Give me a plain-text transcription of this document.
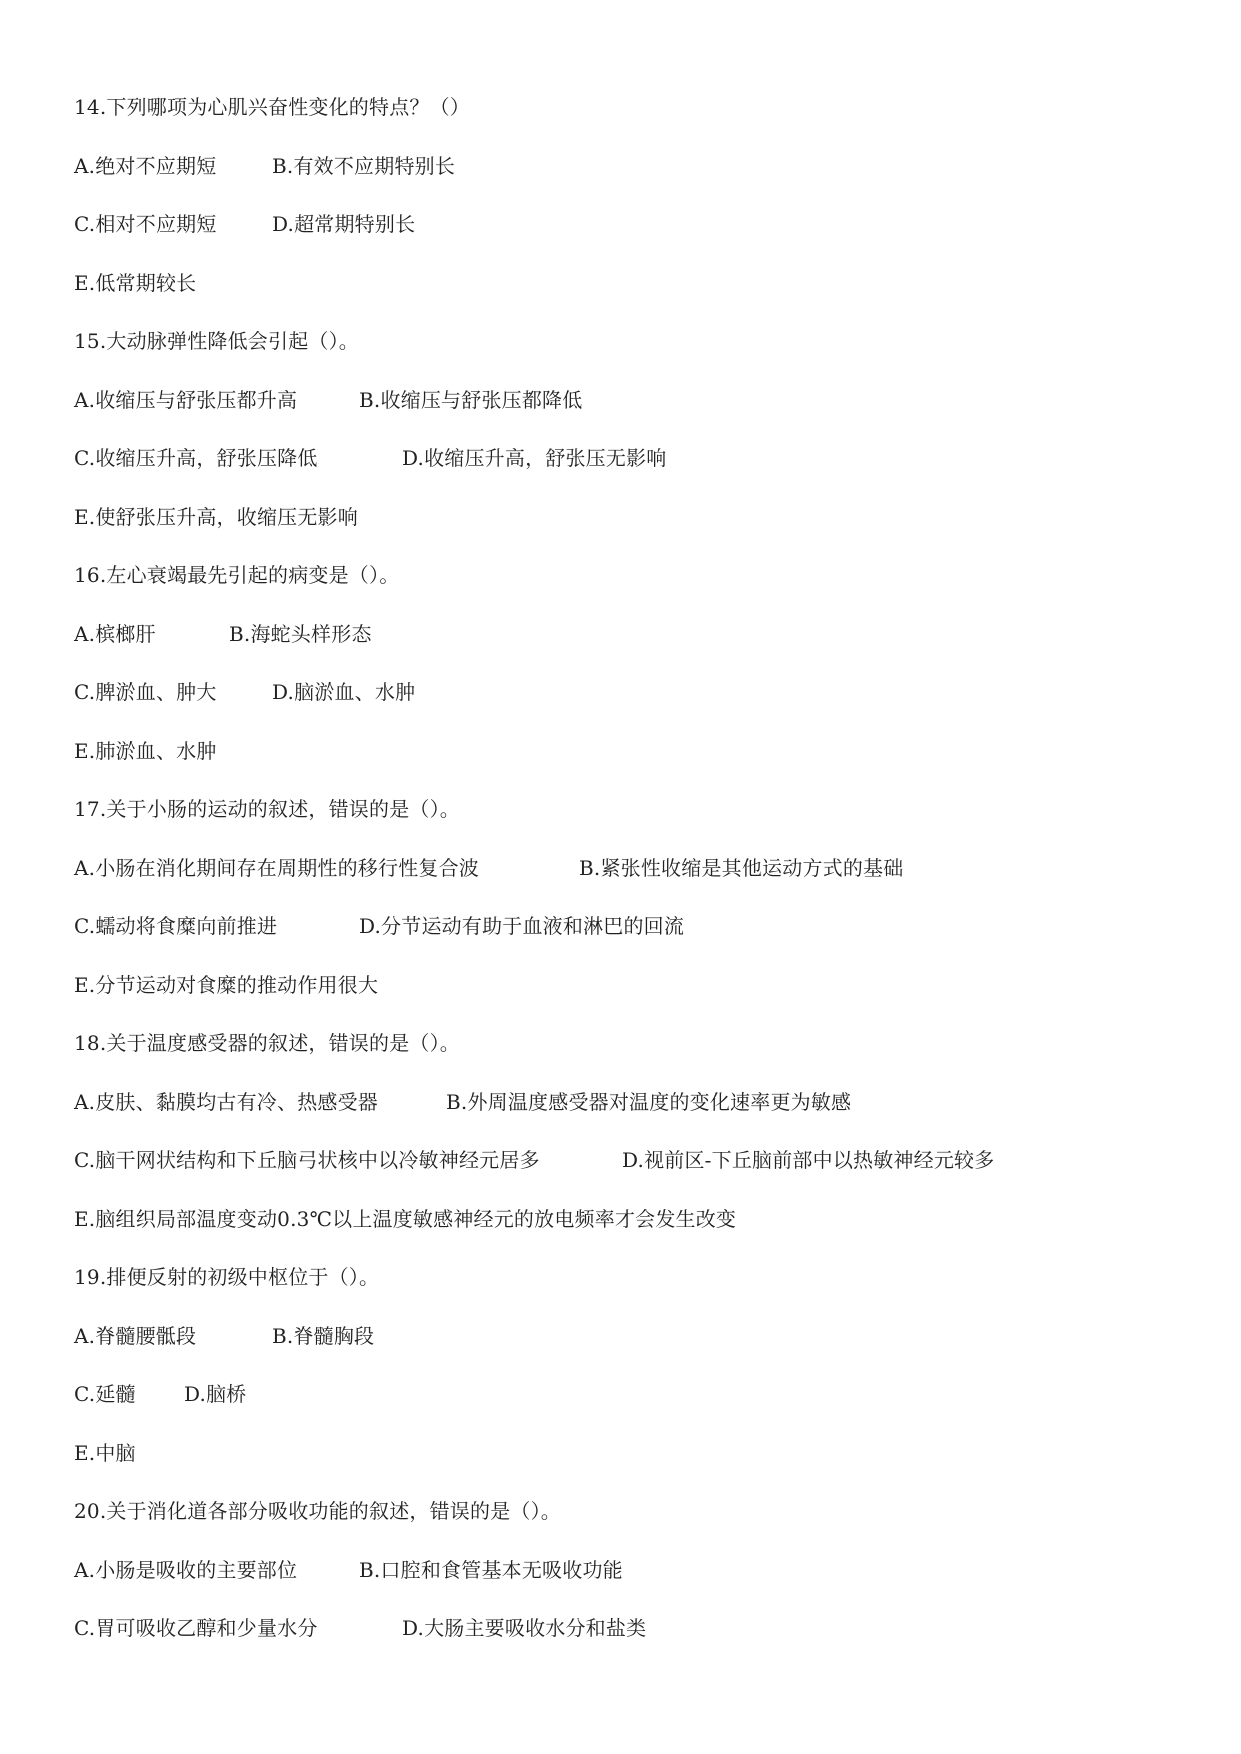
14.下列哪项为心肌兴奋性变化的特点？（）
A.绝对不应期短	B.有效不应期特别长
C.相对不应期短	D.超常期特别长
E.低常期较长
15.大动脉弹性降低会引起（）。
A.收缩压与舒张压都升高	B.收缩压与舒张压都降低
C.收缩压升高，舒张压降低	D.收缩压升高，舒张压无影响
E.使舒张压升高，收缩压无影响
16.左心衰竭最先引起的病变是（）。
A.槟榔肝	B.海蛇头样形态
C.脾淤血、肿大	D.脑淤血、水肿
E.肺淤血、水肿
17.关于小肠的运动的叙述，错误的是（）。
A.小肠在消化期间存在周期性的移行性复合波	B.紧张性收缩是其他运动方式的基础
C.蠕动将食糜向前推进	D.分节运动有助于血液和淋巴的回流
E.分节运动对食糜的推动作用很大
18.关于温度感受器的叙述，错误的是（）。
A.皮肤、黏膜均古有冷、热感受器	B.外周温度感受器对温度的变化速率更为敏感
C.脑干网状结构和下丘脑弓状核中以冷敏神经元居多	D.视前区-下丘脑前部中以热敏神经元较多
E.脑组织局部温度变动0.3℃以上温度敏感神经元的放电频率才会发生改变
19.排便反射的初级中枢位于（）。
A.脊髓腰骶段	B.脊髓胸段
C.延髓 D.脑桥
E.中脑
20.关于消化道各部分吸收功能的叙述，错误的是（）。
A.小肠是吸收的主要部位	B.口腔和食管基本无吸收功能
C.胃可吸收乙醇和少量水分	D.大肠主要吸收水分和盐类
